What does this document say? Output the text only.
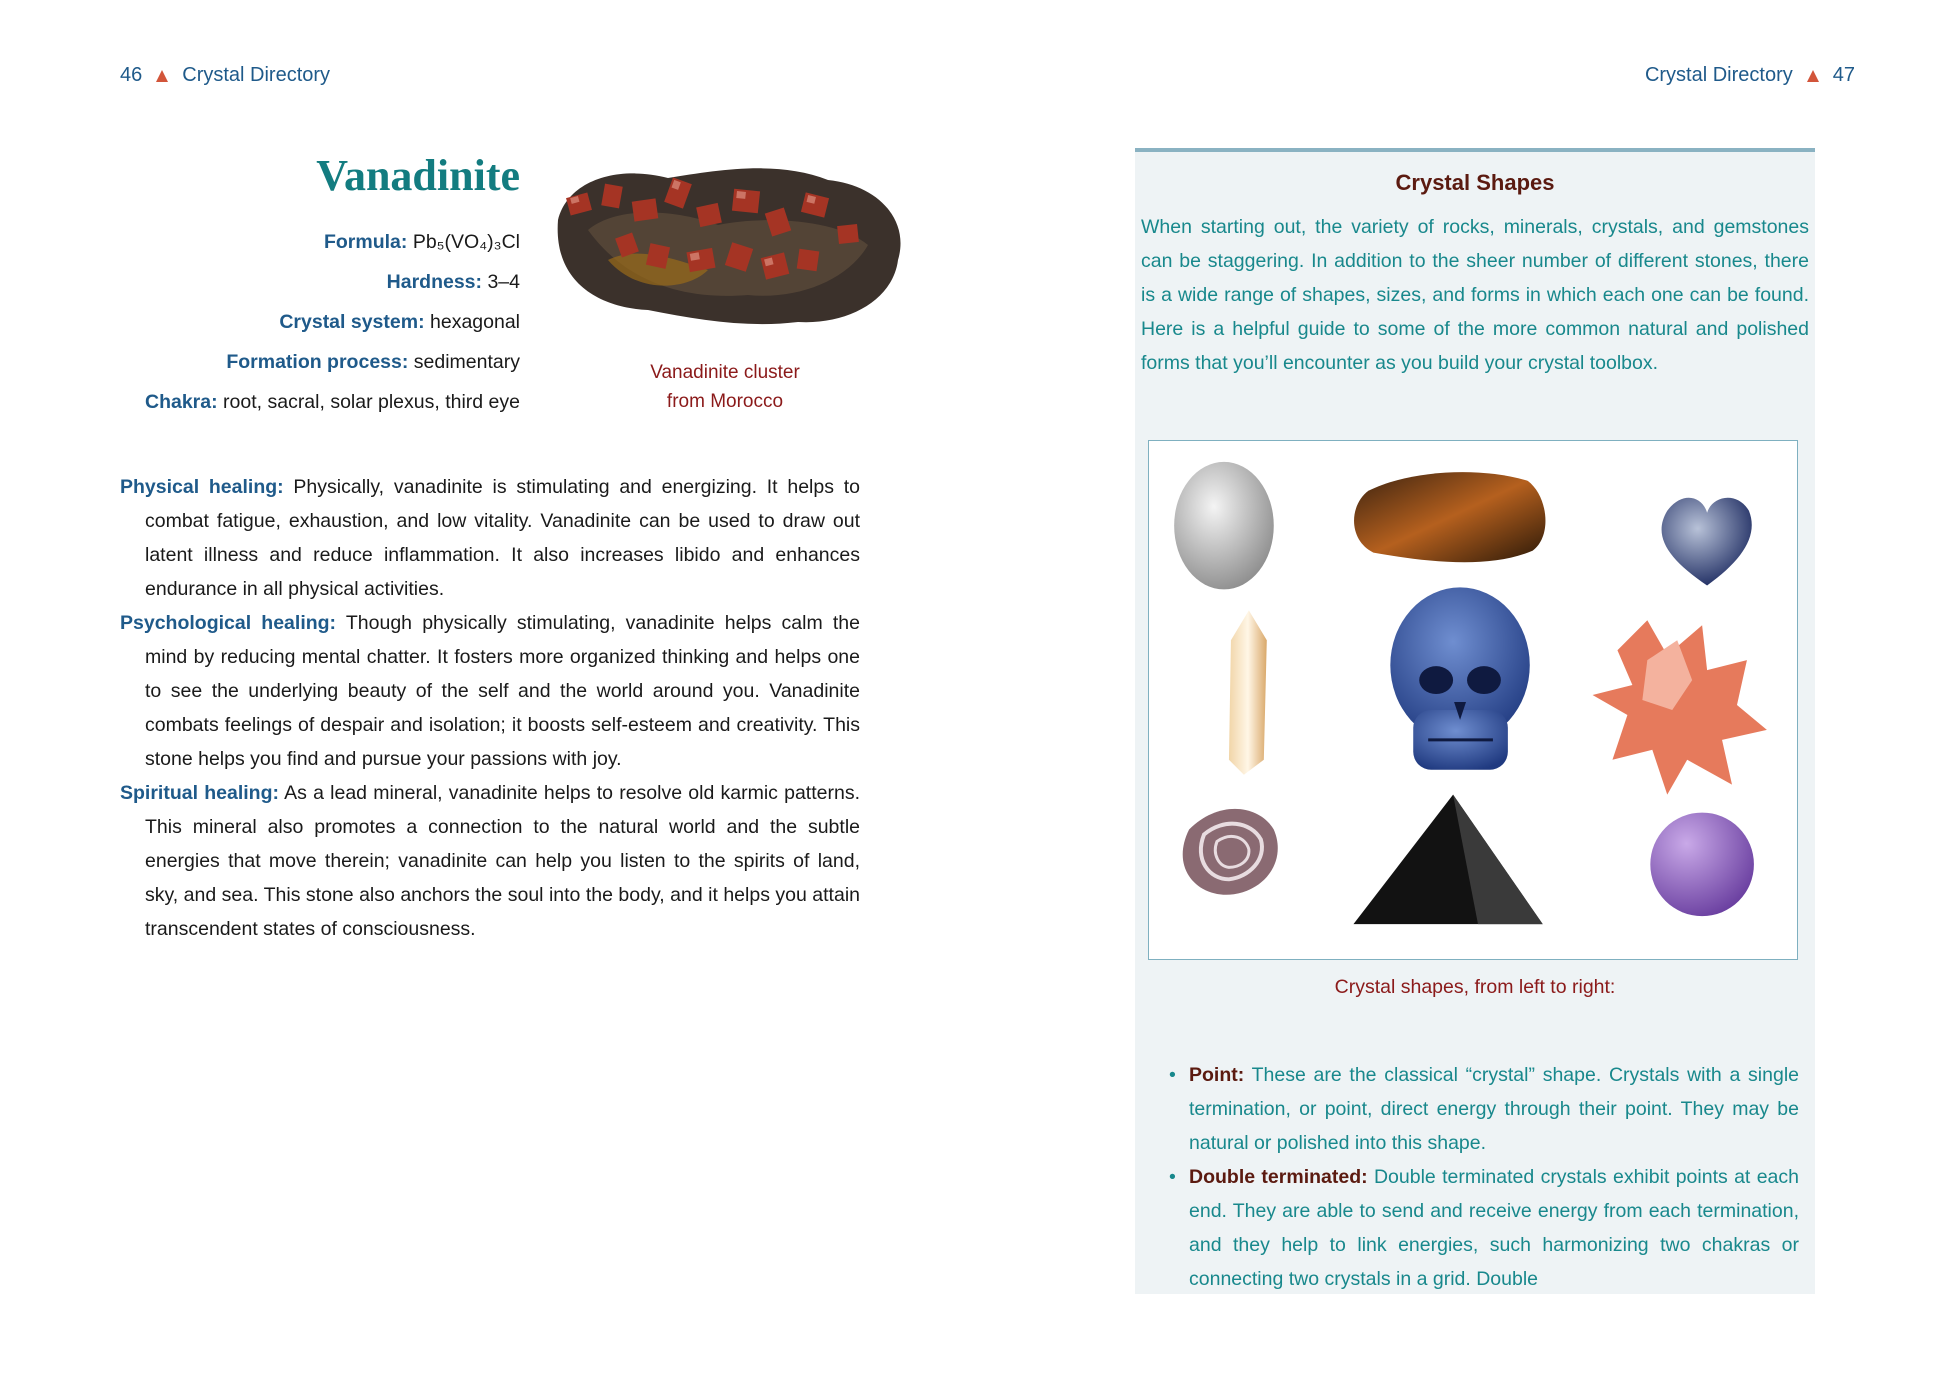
46 Crystal Directory	Crystal Directory 47
Vanadinite
Formula: Pb₅(VO₄)₃Cl
Hardness: 3–4
Crystal system: hexagonal
Formation process: sedimentary
Chakra: root, sacral, solar plexus, third eye
Vanadinite cluster
from Morocco

Physical healing: Physically, vanadinite is stimulating and energizing. It helps to combat fatigue, exhaustion, and low vitality. Vanadinite can be used to draw out latent illness and reduce inflammation. It also increases libido and enhances endurance in all physical activities.

Psychological healing: Though physically stimulating, vanadinite helps calm the mind by reducing mental chatter. It fosters more organized thinking and helps one to see the underlying beauty of the self and the world around you. Vanadinite combats feelings of despair and isolation; it boosts self-esteem and creativity. This stone helps you find and pursue your passions with joy.

Spiritual healing: As a lead mineral, vanadinite helps to resolve old karmic patterns. This mineral also promotes a connection to the natural world and the subtle energies that move therein; vanadinite can help you listen to the spirits of land, sky, and sea. This stone also anchors the soul into the body, and it helps you attain transcendent states of consciousness.

Crystal Shapes

When starting out, the variety of rocks, minerals, crystals, and gemstones can be staggering. In addition to the sheer number of different stones, there is a wide range of shapes, sizes, and forms in which each one can be found. Here is a helpful guide to some of the more common natural and polished forms that you’ll encounter as you build your crystal toolbox.

Crystal shapes, from left to right:
• Point: These are the classical “crystal” shape. Crystals with a single termination, or point, direct energy through their point. They may be natural or polished into this shape.
• Double terminated: Double terminated crystals exhibit points at each end. They are able to send and receive energy from each termination, and they help to link energies, such harmonizing two chakras or connecting two crystals in a grid. Double
